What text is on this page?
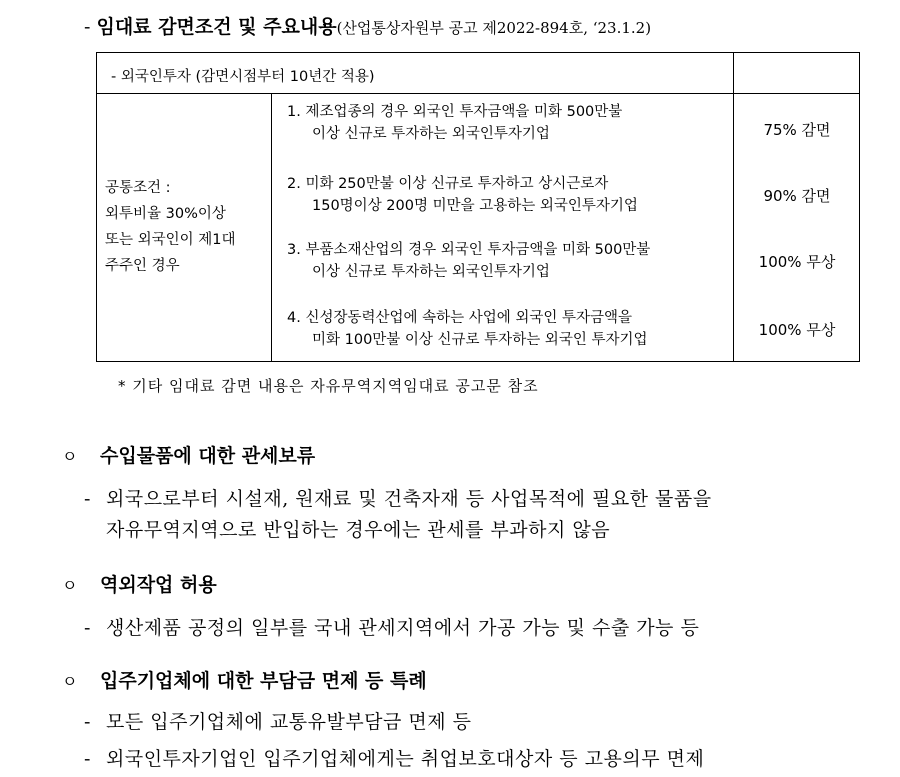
- 임대료 감면조건 및 주요내용(산업통상자원부 공고 제2022-894호, ‘23.1.2)
- 외국인투자 (감면시점부터 10년간 적용)
공통조건 :
외투비율 30%이상
또는 외국인이 제1대
주주인 경우
1. 제조업종의 경우 외국인 투자금액을 미화 500만불
이상 신규로 투자하는 외국인투자기업	75% 감면
2. 미화 250만불 이상 신규로 투자하고 상시근로자
150명이상 200명 미만을 고용하는 외국인투자기업
90% 감면
3. 부품소재산업의 경우 외국인 투자금액을 미화 500만불
이상 신규로 투자하는 외국인투자기업
100% 무상
4. 신성장동력산업에 속하는 사업에 외국인 투자금액을
미화 100만불 이상 신규로 투자하는 외국인 투자기업
100% 무상
* 기타 임대료 감면 내용은 자유무역지역임대료 공고문 참조
ㅇ 수입물품에 대한 관세보류
- 외국으로부터 시설재, 원재료 및 건축자재 등 사업목적에 필요한 물품을
자유무역지역으로 반입하는 경우에는 관세를 부과하지 않음
ㅇ 역외작업 허용
- 생산제품 공정의 일부를 국내 관세지역에서 가공 가능 및 수출 가능 등
ㅇ 입주기업체에 대한 부담금 면제 등 특례
- 모든 입주기업체에 교통유발부담금 면제 등
- 외국인투자기업인 입주기업체에게는 취업보호대상자 등 고용의무 면제
